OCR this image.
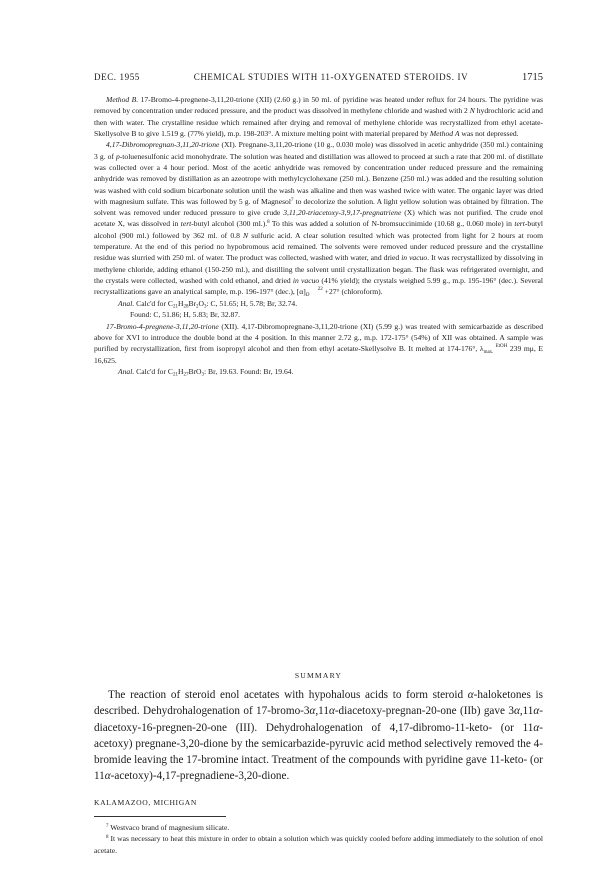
DEC. 1955	CHEMICAL STUDIES WITH 11-OXYGENATED STEROIDS. IV	1715

Method B. 17-Bromo-4-pregnene-3,11,20-trione (XII) (2.60 g.) in 50 ml. of pyridine was heated under reflux for 24 hours. The pyridine was removed by concentration under reduced pressure, and the product was dissolved in methylene chloride and washed with 2 N hydrochloric acid and then with water. The crystalline residue which remained after drying and removal of methylene chloride was recrystallized from ethyl acetate-Skellysolve B to give 1.519 g. (77% yield), m.p. 198-203°. A mixture melting point with material prepared by Method A was not depressed.

4,17-Dibromopregnan-3,11,20-trione (XI). Pregnane-3,11,20-trione (10 g., 0.030 mole) was dissolved in acetic anhydride (350 ml.) containing 3 g. of p-toluenesulfonic acid monohydrate. The solution was heated and distillation was allowed to proceed at such a rate that 200 ml. of distillate was collected over a 4 hour period. Most of the acetic anhydride was removed by concentration under reduced pressure and the remaining anhydride was removed by distillation as an azeotrope with methylcyclohexane (250 ml.). Benzene (250 ml.) was added and the resulting solution was washed with cold sodium bicarbonate solution until the wash was alkaline and then was washed twice with water. The organic layer was dried with magnesium sulfate. This was followed by 5 g. of Magnesol$^7$ to decolorize the solution. A light yellow solution was obtained by filtration. The solvent was removed under reduced pressure to give crude 3,11,20-triacetoxy-3,9,17-pregnatriene (X) which was not purified. The crude enol acetate X, was dissolved in tert-butyl alcohol (300 ml.).$^8$ To this was added a solution of N-bromsuccinimide (10.68 g., 0.060 mole) in tert-butyl alcohol (900 ml.) followed by 362 ml. of 0.8 N sulfuric acid. A clear solution resulted which was protected from light for 2 hours at room temperature. At the end of this period no hypobromous acid remained. The solvents were removed under reduced pressure and the crystalline residue was slurried with 250 ml. of water. The product was collected, washed with water, and dried in vacuo. It was recrystallized by dissolving in methylene chloride, adding ethanol (150-250 ml.), and distilling the solvent until crystallization began. The flask was refrigerated overnight, and the crystals were collected, washed with cold ethanol, and dried in vacuo (41% yield); the crystals weighed 5.99 g., m.p. 195-196° (dec.). Several recrystallizations gave an analytical sample, m.p. 196-197° (dec.), [α] 22
D +27° (chloroform).

Anal. Calc'd for $C_{21}H_{28}Br_2O_3$: C, 51.65; H, 5.78; Br, 32.74.

Found: C, 51.86; H, 5.83; Br, 32.87.

17-Bromo-4-pregnene-3,11,20-trione (XII). 4,17-Dibromopregnane-3,11,20-trione (XI) (5.99 g.) was treated with semicarbazide as described above for XVI to introduce the double bond at the 4 position. In this manner 2.72 g., m.p. 172-175° (54%) of XII was obtained. A sample was purified by recrystallization, first from isopropyl alcohol and then from ethyl acetate-Skellysolve B. It melted at 174-176°, λ EtOH
max. 239 mμ, E 16,625.

Anal. Calc'd for $C_{21}H_{27}BrO_3$: Br, 19.63. Found: Br, 19.64.

SUMMARY

The reaction of steroid enol acetates with hypohalous acids to form steroid α-haloketones is described. Dehydrohalogenation of 17-bromo-3α,11α-diacetoxy-pregnan-20-one (IIb) gave 3α,11α-diacetoxy-16-pregnen-20-one (III). Dehydrohalogenation of 4,17-dibromo-11-keto- (or 11α-acetoxy) pregnane-3,20-dione by the semicarbazide-pyruvic acid method selectively removed the 4-bromide leaving the 17-bromine intact. Treatment of the compounds with pyridine gave 11-keto- (or 11α-acetoxy)-4,17-pregnadiene-3,20-dione.

KALAMAZOO, MICHIGAN

$^7$ Westvaco brand of magnesium silicate.

$^8$ It was necessary to heat this mixture in order to obtain a solution which was quickly cooled before adding immediately to the solution of enol acetate.
